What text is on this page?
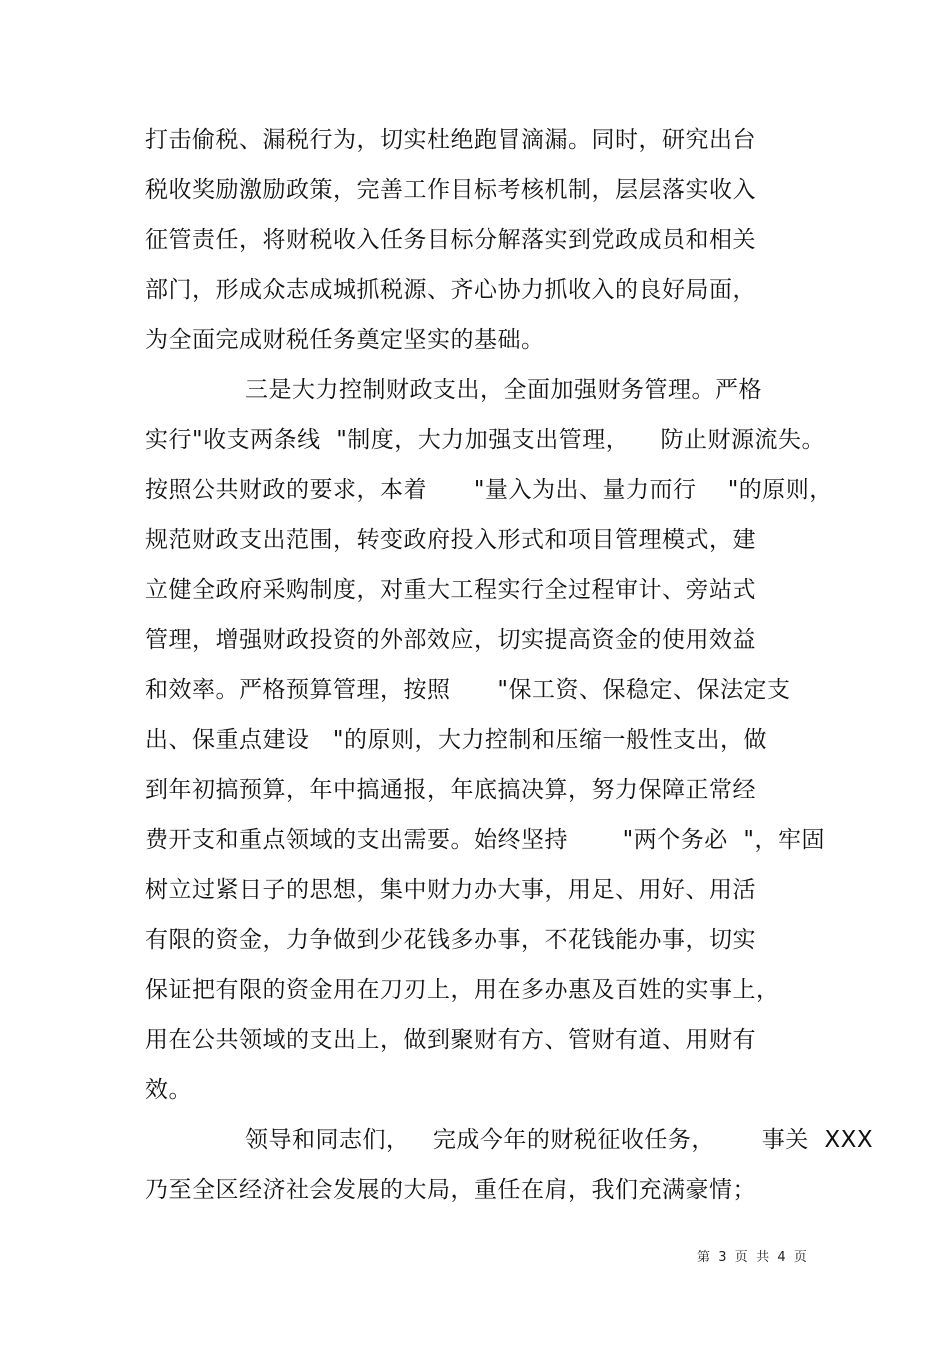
打击偷税、漏税行为，切实杜绝跑冒滴漏。同时，研究出台
税收奖励激励政策，完善工作目标考核机制，层层落实收入
征管责任，将财税收入任务目标分解落实到党政成员和相关
部门，形成众志成城抓税源、齐心协力抓收入的良好局面，
为全面完成财税任务奠定坚实的基础。
三是大力控制财政支出，全面加强财务管理。严格
实行"收支两条线  "制度，大力加强支出管理，    防止财源流失。
按照公共财政的要求，本着      "量入为出、量力而行    "的原则，
规范财政支出范围，转变政府投入形式和项目管理模式，建
立健全政府采购制度，对重大工程实行全过程审计、旁站式
管理，增强财政投资的外部效应，切实提高资金的使用效益
和效率。严格预算管理，按照      "保工资、保稳定、保法定支
出、保重点建设   "的原则，大力控制和压缩一般性支出，做
到年初搞预算，年中搞通报，年底搞决算，努力保障正常经
费开支和重点领域的支出需要。始终坚持       "两个务必  "，牢固
树立过紧日子的思想，集中财力办大事，用足、用好、用活
有限的资金，力争做到少花钱多办事，不花钱能办事，切实
保证把有限的资金用在刀刃上，用在多办惠及百姓的实事上，
用在公共领域的支出上，做到聚财有方、管财有道、用财有
效。
领导和同志们，   完成今年的财税征收任务，      事关  XXX
乃至全区经济社会发展的大局，重任在肩，我们充满豪情；
第  3  页  共  4  页
